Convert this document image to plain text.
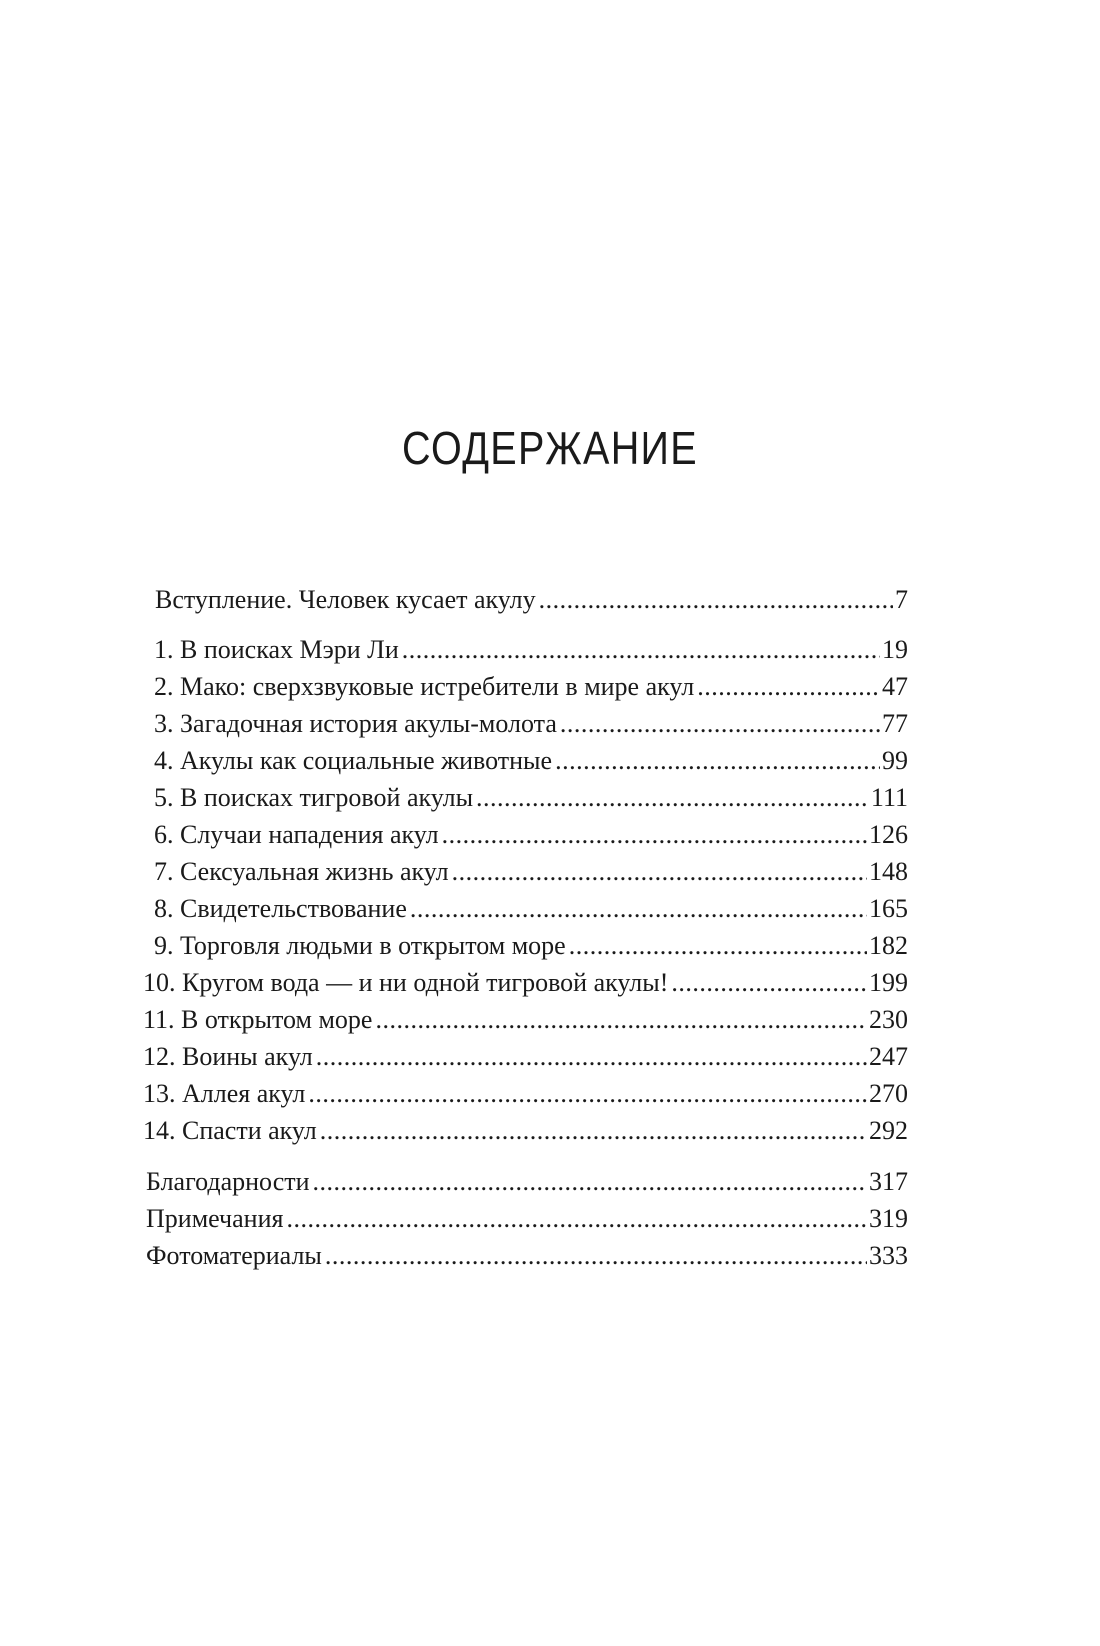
СОДЕРЖАНИЕ
Вступление. Человек кусает акулу .....	7
1. В поисках Мэри Ли .....	19
2. Мако: сверхзвуковые истребители в мире акул .....	47
3. Загадочная история акулы-молота .....	77
4. Акулы как социальные животные .....	99
5. В поисках тигровой акулы .....	111
6. Случаи нападения акул .....	126
7. Сексуальная жизнь акул .....	148
8. Свидетельствование .....	165
9. Торговля людьми в открытом море .....	182
10. Кругом вода — и ни одной тигровой акулы! .....	199
11. В открытом море .....	230
12. Воины акул .....	247
13. Аллея акул .....	270
14. Спасти акул .....	292
Благодарности .....	317
Примечания .....	319
Фотоматериалы .....	333
